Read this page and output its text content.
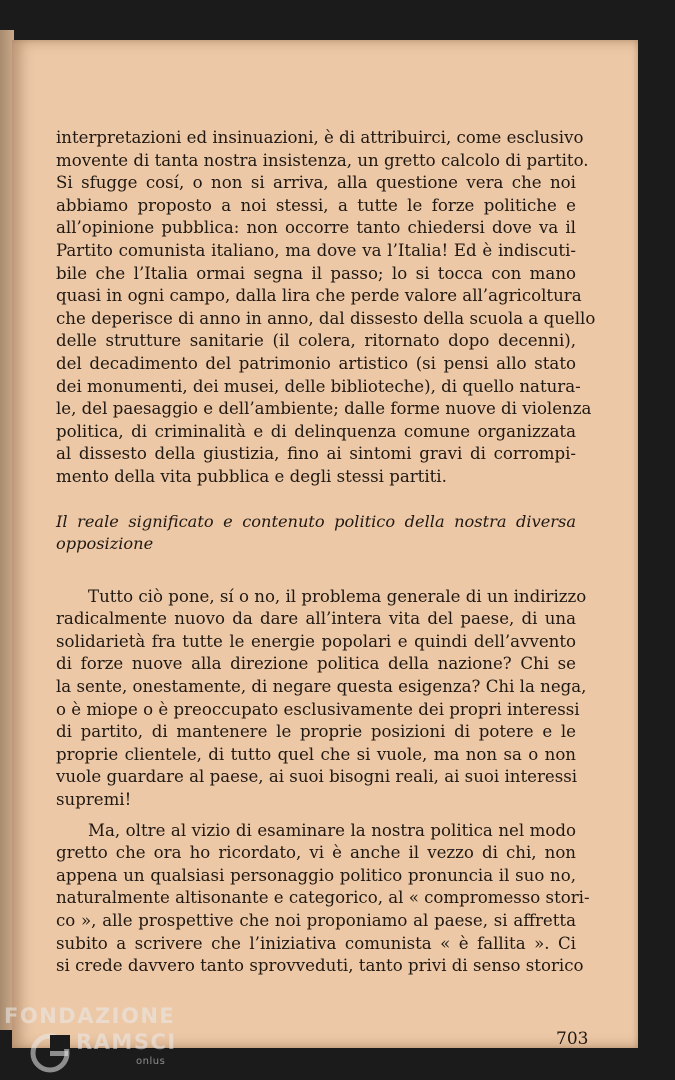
interpretazioni ed insinuazioni, è di attribuirci, come esclusivo
movente di tanta nostra insistenza, un gretto calcolo di partito.
Si sfugge cosí, o non si arriva, alla questione vera che noi
abbiamo proposto a noi stessi, a tutte le forze politiche e
all’opinione pubblica: non occorre tanto chiedersi dove va il
Partito comunista italiano, ma dove va l’Italia! Ed è indiscuti-
bile che l’Italia ormai segna il passo; lo si tocca con mano
quasi in ogni campo, dalla lira che perde valore all’agricoltura
che deperisce di anno in anno, dal dissesto della scuola a quello
delle strutture sanitarie (il colera, ritornato dopo decenni),
del decadimento del patrimonio artistico (si pensi allo stato
dei monumenti, dei musei, delle biblioteche), di quello natura-
le, del paesaggio e dell’ambiente; dalle forme nuove di violenza
politica, di criminalità e di delinquenza comune organizzata
al dissesto della giustizia, fino ai sintomi gravi di corrompi-
mento della vita pubblica e degli stessi partiti.

Il reale significato e contenuto politico della nostra diversa
opposizione

Tutto ciò pone, sí o no, il problema generale di un indirizzo
radicalmente nuovo da dare all’intera vita del paese, di una
solidarietà fra tutte le energie popolari e quindi dell’avvento
di forze nuove alla direzione politica della nazione? Chi se
la sente, onestamente, di negare questa esigenza? Chi la nega,
o è miope o è preoccupato esclusivamente dei propri interessi
di partito, di mantenere le proprie posizioni di potere e le
proprie clientele, di tutto quel che si vuole, ma non sa o non
vuole guardare al paese, ai suoi bisogni reali, ai suoi interessi
supremi!

Ma, oltre al vizio di esaminare la nostra politica nel modo
gretto che ora ho ricordato, vi è anche il vezzo di chi, non
appena un qualsiasi personaggio politico pronuncia il suo no,
naturalmente altisonante e categorico, al « compromesso stori-
co », alle prospettive che noi proponiamo al paese, si affretta
subito a scrivere che l’iniziativa comunista « è fallita ». Ci
si crede davvero tanto sprovveduti, tanto privi di senso storico

703
FONDAZIONE
RAMSCI
onlus
